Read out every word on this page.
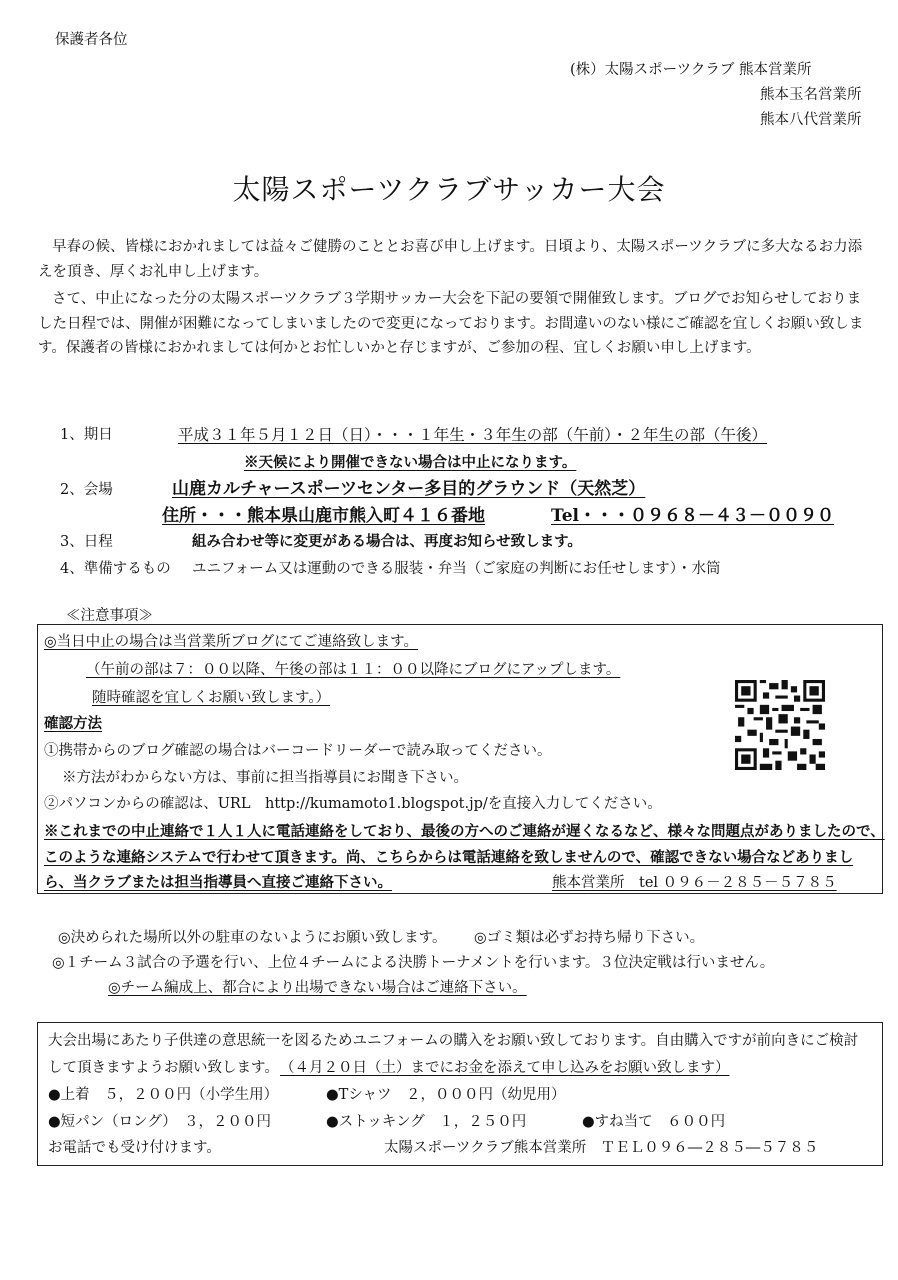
保護者各位
(株）太陽スポーツクラブ 熊本営業所
熊本玉名営業所
熊本八代営業所
太陽スポーツクラブサッカー大会
早春の候、皆様におかれましては益々ご健勝のこととお喜び申し上げます。日頃より、太陽スポーツクラブに多大なるお力添えを頂き、厚くお礼申し上げます。
さて、中止になった分の太陽スポーツクラブ３学期サッカー大会を下記の要領で開催致します。ブログでお知らせしておりました日程では、開催が困難になってしまいましたので変更になっております。お間違いのない様にご確認を宜しくお願い致します。保護者の皆様におかれましては何かとお忙しいかと存じますが、ご参加の程、宜しくお願い申し上げます。
1、期日	平成３１年５月１２日（日）・・・１年生・３年生の部（午前）・２年生の部（午後）
※天候により開催できない場合は中止になります。
2、会場	山鹿カルチャースポーツセンター多目的グラウンド（天然芝）
住所・・・熊本県山鹿市熊入町４１６番地	Tel・・・０９６８－４３－００９０
3、日程	組み合わせ等に変更がある場合は、再度お知らせ致します。
4、準備するもの ユニフォーム又は運動のできる服装・弁当（ご家庭の判断にお任せします）・水筒
≪注意事項≫
◎当日中止の場合は当営業所ブログにてご連絡致します。
（午前の部は７：００以降、午後の部は１１：００以降にブログにアップします。
随時確認を宜しくお願い致します。）
確認方法
①携帯からのブログ確認の場合はバーコードリーダーで読み取ってください。
※方法がわからない方は、事前に担当指導員にお聞き下さい。
②パソコンからの確認は、URL　http://kumamoto1.blogspot.jp/を直接入力してください。
※これまでの中止連絡で１人１人に電話連絡をしており、最後の方へのご連絡が遅くなるなど、様々な問題点がありましたので、
このような連絡システムで行わせて頂きます。尚、こちらからは電話連絡を致しませんので、確認できない場合などありまし
ら、当クラブまたは担当指導員へ直接ご連絡下さい。	熊本営業所　tel ０９６－２８５－５７８５
◎決められた場所以外の駐車のないようにお願い致します。 ◎ゴミ類は必ずお持ち帰り下さい。
◎１チーム３試合の予選を行い、上位４チームによる決勝トーナメントを行います。３位決定戦は行いません。
◎チーム編成上、都合により出場できない場合はご連絡下さい。
大会出場にあたり子供達の意思統一を図るためユニフォームの購入をお願い致しております。自由購入ですが前向きにご検討
して頂きますようお願い致します。 （４月２０日（土）までにお金を添えて申し込みをお願い致します）
●上着　５，２００円（小学生用）	●Tシャツ　２，０００円（幼児用）
●短パン（ロング）　３，２００円	●ストッキング　１，２５０円	●すね当て　６００円
お電話でも受け付けます。	太陽スポーツクラブ熊本営業所　ＴＥＬ０９６―２８５―５７８５
